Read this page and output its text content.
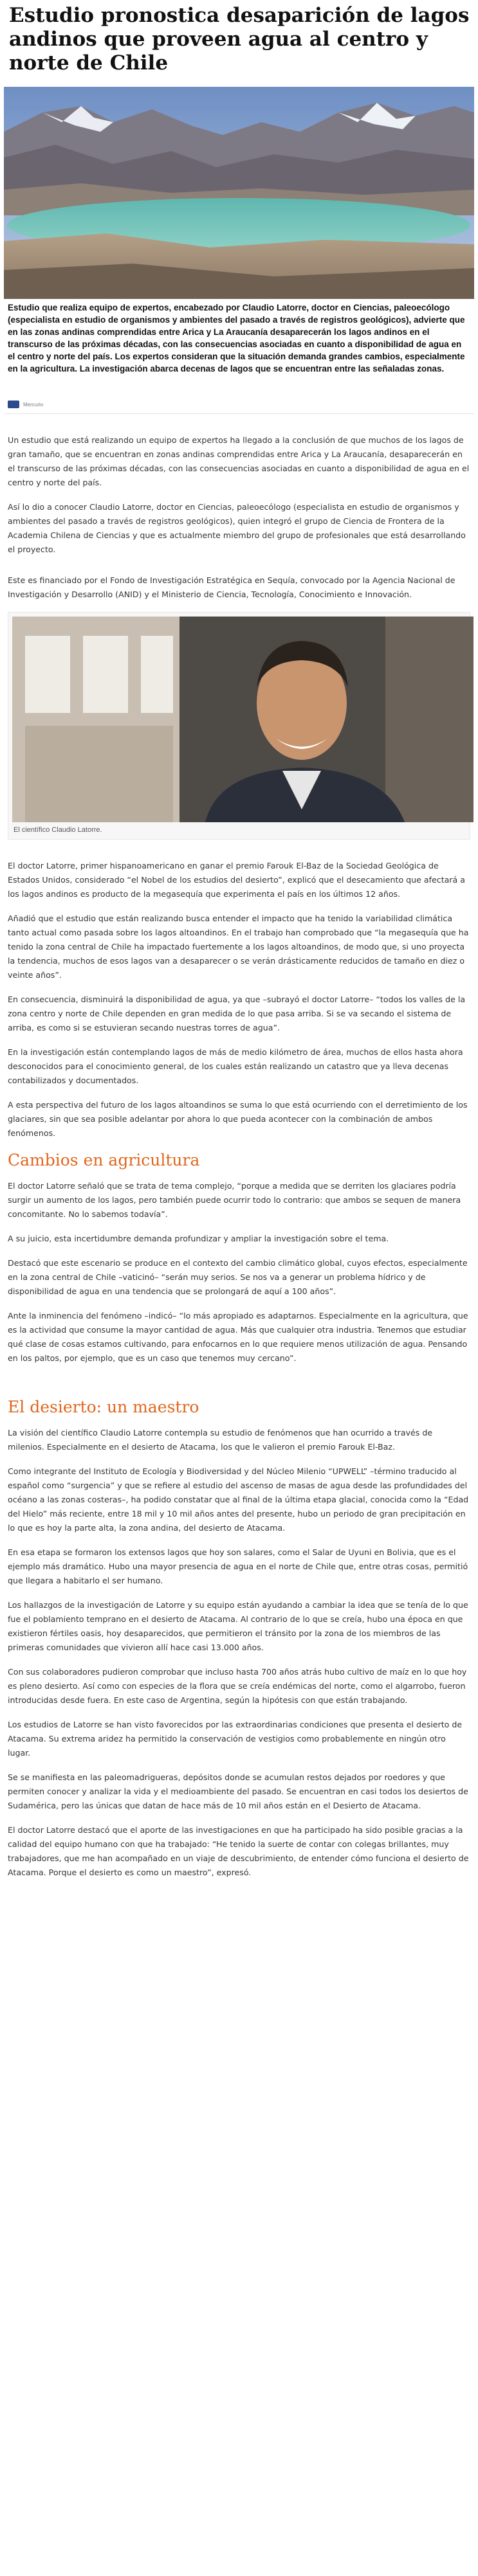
Estudio pronostica desaparición de lagos andinos que proveen agua al centro y norte de Chile

Estudio que realiza equipo de expertos, encabezado por Claudio Latorre, doctor en Ciencias, paleoecólogo (especialista en estudio de organismos y ambientes del pasado a través de registros geológicos), advierte que en las zonas andinas comprendidas entre Arica y La Araucanía desaparecerán los lagos andinos en el transcurso de las próximas décadas, con las consecuencias asociadas en cuanto a disponibilidad de agua en el centro y norte del país. Los expertos consideran que la situación demanda grandes cambios, especialmente en la agricultura. La investigación abarca decenas de lagos que se encuentran entre las señaladas zonas.

Mercurio

Un estudio que está realizando un equipo de expertos ha llegado a la conclusión de que muchos de los lagos de gran tamaño, que se encuentran en zonas andinas comprendidas entre Arica y La Araucanía, desaparecerán en el transcurso de las próximas décadas, con las consecuencias asociadas en cuanto a disponibilidad de agua en el centro y norte del país.

Así lo dio a conocer Claudio Latorre, doctor en Ciencias, paleoecólogo (especialista en estudio de organismos y ambientes del pasado a través de registros geológicos), quien integró el grupo de Ciencia de Frontera de la Academia Chilena de Ciencias y que es actualmente miembro del grupo de profesionales que está desarrollando el proyecto.

Este es financiado por el Fondo de Investigación Estratégica en Sequía, convocado por la Agencia Nacional de Investigación y Desarrollo (ANID) y el Ministerio de Ciencia, Tecnología, Conocimiento e Innovación.

El científico Claudio Latorre.

El doctor Latorre, primer hispanoamericano en ganar el premio Farouk El-Baz de la Sociedad Geológica de Estados Unidos, considerado “el Nobel de los estudios del desierto”, explicó que el desecamiento que afectará a los lagos andinos es producto de la megasequía que experimenta el país en los últimos 12 años.

Añadió que el estudio que están realizando busca entender el impacto que ha tenido la variabilidad climática tanto actual como pasada sobre los lagos altoandinos. En el trabajo han comprobado que “la megasequía que ha tenido la zona central de Chile ha impactado fuertemente a los lagos altoandinos, de modo que, si uno proyecta la tendencia, muchos de esos lagos van a desaparecer o se verán drásticamente reducidos de tamaño en diez o veinte años”.

En consecuencia, disminuirá la disponibilidad de agua, ya que –subrayó el doctor Latorre– “todos los valles de la zona centro y norte de Chile dependen en gran medida de lo que pasa arriba. Si se va secando el sistema de arriba, es como si se estuvieran secando nuestras torres de agua”.

En la investigación están contemplando lagos de más de medio kilómetro de área, muchos de ellos hasta ahora desconocidos para el conocimiento general, de los cuales están realizando un catastro que ya lleva decenas contabilizados y documentados.

A esta perspectiva del futuro de los lagos altoandinos se suma lo que está ocurriendo con el derretimiento de los glaciares, sin que sea posible adelantar por ahora lo que pueda acontecer con la combinación de ambos fenómenos.

Cambios en agricultura

El doctor Latorre señaló que se trata de tema complejo, “porque a medida que se derriten los glaciares podría surgir un aumento de los lagos, pero también puede ocurrir todo lo contrario: que ambos se sequen de manera concomitante. No lo sabemos todavía”.

A su juicio, esta incertidumbre demanda profundizar y ampliar la investigación sobre el tema.

Destacó que este escenario se produce en el contexto del cambio climático global, cuyos efectos, especialmente en la zona central de Chile –vaticinó– “serán muy serios. Se nos va a generar un problema hídrico y de disponibilidad de agua en una tendencia que se prolongará de aquí a 100 años”.

Ante la inminencia del fenómeno –indicó– “lo más apropiado es adaptarnos. Especialmente en la agricultura, que es la actividad que consume la mayor cantidad de agua. Más que cualquier otra industria. Tenemos que estudiar qué clase de cosas estamos cultivando, para enfocarnos en lo que requiere menos utilización de agua. Pensando en los paltos, por ejemplo, que es un caso que tenemos muy cercano”.

El desierto: un maestro

La visión del científico Claudio Latorre contempla su estudio de fenómenos que han ocurrido a través de milenios. Especialmente en el desierto de Atacama, los que le valieron el premio Farouk El-Baz.

Como integrante del Instituto de Ecología y Biodiversidad y del Núcleo Milenio “UPWELL” –término traducido al español como “surgencia” y que se refiere al estudio del ascenso de masas de agua desde las profundidades del océano a las zonas costeras–, ha podido constatar que al final de la última etapa glacial, conocida como la “Edad del Hielo” más reciente, entre 18 mil y 10 mil años antes del presente, hubo un periodo de gran precipitación en lo que es hoy la parte alta, la zona andina, del desierto de Atacama.

En esa etapa se formaron los extensos lagos que hoy son salares, como el Salar de Uyuni en Bolivia, que es el ejemplo más dramático. Hubo una mayor presencia de agua en el norte de Chile que, entre otras cosas, permitió que llegara a habitarlo el ser humano.

Los hallazgos de la investigación de Latorre y su equipo están ayudando a cambiar la idea que se tenía de lo que fue el poblamiento temprano en el desierto de Atacama. Al contrario de lo que se creía, hubo una época en que existieron fértiles oasis, hoy desaparecidos, que permitieron el tránsito por la zona de los miembros de las primeras comunidades que vivieron allí hace casi 13.000 años.

Con sus colaboradores pudieron comprobar que incluso hasta 700 años atrás hubo cultivo de maíz en lo que hoy es pleno desierto. Así como con especies de la flora que se creía endémicas del norte, como el algarrobo, fueron introducidas desde fuera. En este caso de Argentina, según la hipótesis con que están trabajando.

Los estudios de Latorre se han visto favorecidos por las extraordinarias condiciones que presenta el desierto de Atacama. Su extrema aridez ha permitido la conservación de vestigios como probablemente en ningún otro lugar.

Se se manifiesta en las paleomadrigueras, depósitos donde se acumulan restos dejados por roedores y que permiten conocer y analizar la vida y el medioambiente del pasado. Se encuentran en casi todos los desiertos de Sudamérica, pero las únicas que datan de hace más de 10 mil años están en el Desierto de Atacama.

El doctor Latorre destacó que el aporte de las investigaciones en que ha participado ha sido posible gracias a la calidad del equipo humano con que ha trabajado: “He tenido la suerte de contar con colegas brillantes, muy trabajadores, que me han acompañado en un viaje de descubrimiento, de entender cómo funciona el desierto de Atacama. Porque el desierto es como un maestro”, expresó.
